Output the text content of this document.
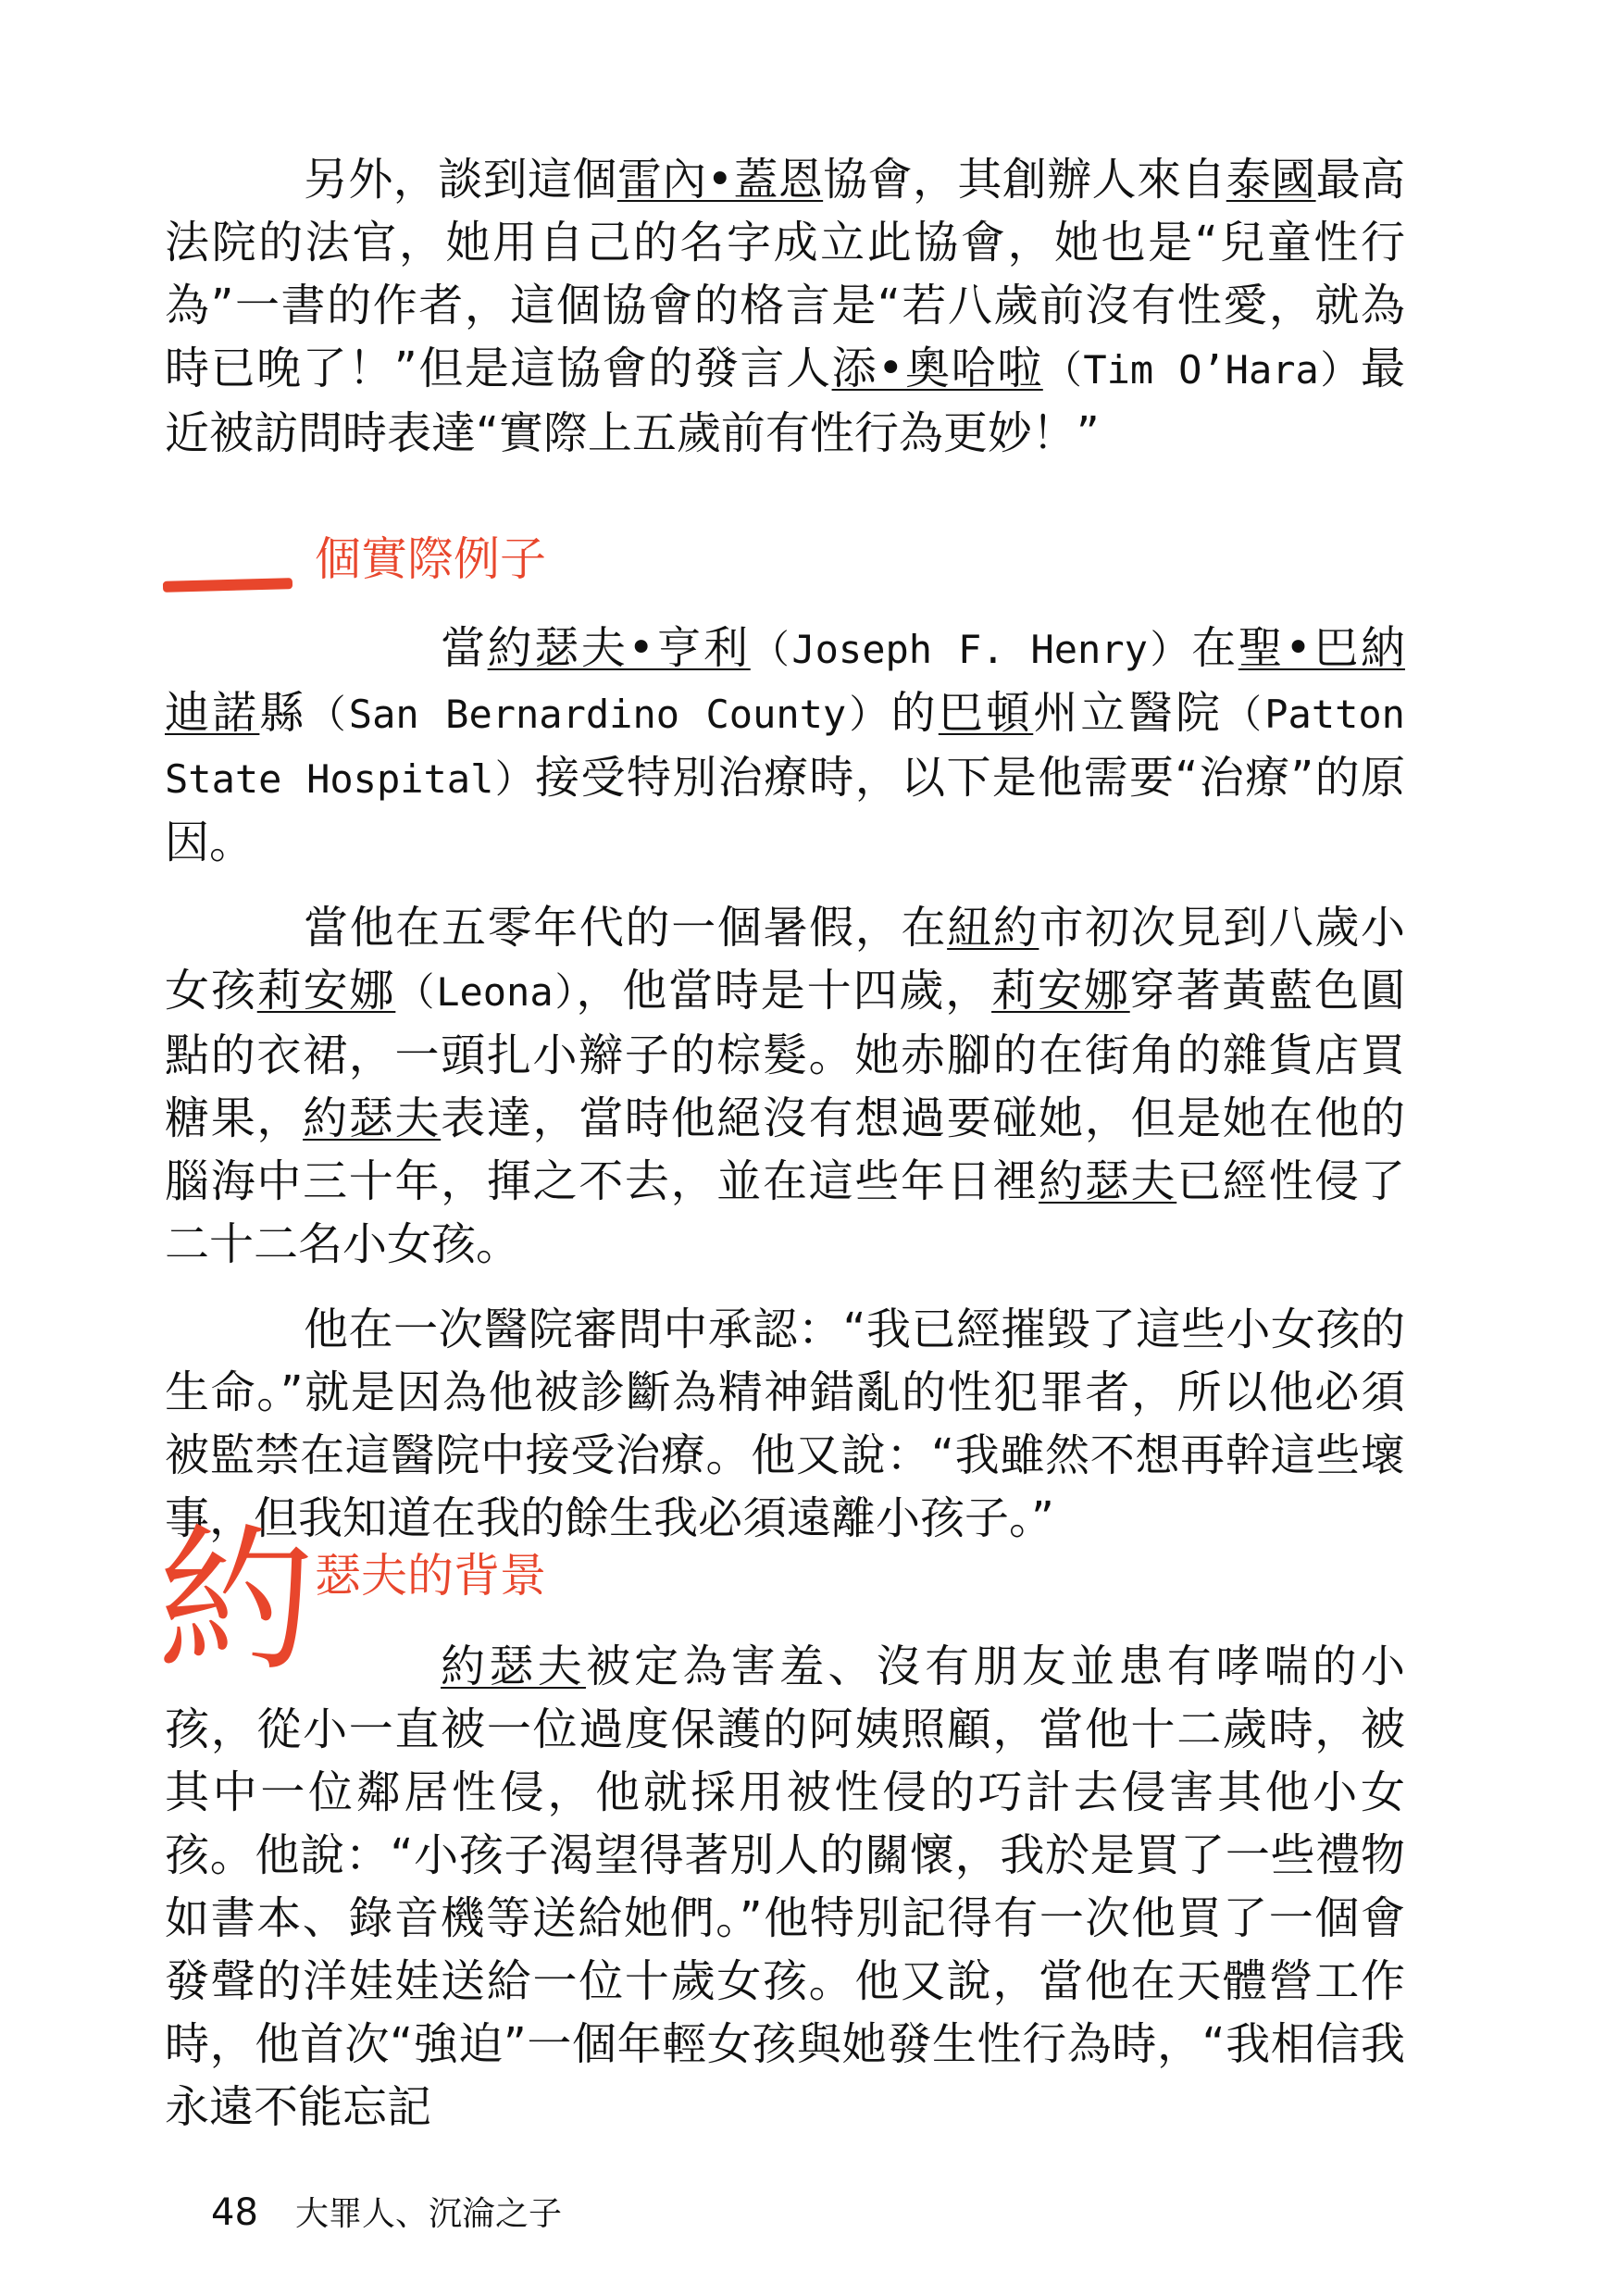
另外，談到這個雷內•蓋恩協會，其創辦人來自泰國最高法院的法官，她用自己的名字成立此協會，她也是“兒童性行為”一書的作者，這個協會的格言是“若八歲前沒有性愛，就為時已晚了！”但是這協會的發言人添•奧哈啦（Tim O’Hara）最近被訪問時表達“實際上五歲前有性行為更妙！”

個實際例子

當約瑟夫•亨利（Joseph F. Henry）在聖•巴納迪諾縣（San Bernardino County）的巴頓州立醫院（Patton State Hospital）接受特別治療時，以下是他需要“治療”的原因。

當他在五零年代的一個暑假，在紐約市初次見到八歲小女孩莉安娜（Leona），他當時是十四歲，莉安娜穿著黃藍色圓點的衣裙，一頭扎小辮子的棕髮。她赤腳的在街角的雜貨店買糖果，約瑟夫表達，當時他絕沒有想過要碰她，但是她在他的腦海中三十年，揮之不去，並在這些年日裡約瑟夫已經性侵了二十二名小女孩。

他在一次醫院審問中承認：“我已經摧毀了這些小女孩的生命。”就是因為他被診斷為精神錯亂的性犯罪者，所以他必須被監禁在這醫院中接受治療。他又說：“我雖然不想再幹這些壞事，但我知道在我的餘生我必須遠離小孩子。”

約 瑟夫的背景

約瑟夫被定為害羞、沒有朋友並患有哮喘的小孩，從小一直被一位過度保護的阿姨照顧，當他十二歲時，被其中一位鄰居性侵，他就採用被性侵的巧計去侵害其他小女孩。他說：“小孩子渴望得著別人的關懷，我於是買了一些禮物如書本、錄音機等送給她們。”他特別記得有一次他買了一個會發聲的洋娃娃送給一位十歲女孩。他又說，當他在天體營工作時，他首次“強迫”一個年輕女孩與她發生性行為時，“我相信我永遠不能忘記

48 大罪人、沉淪之子
